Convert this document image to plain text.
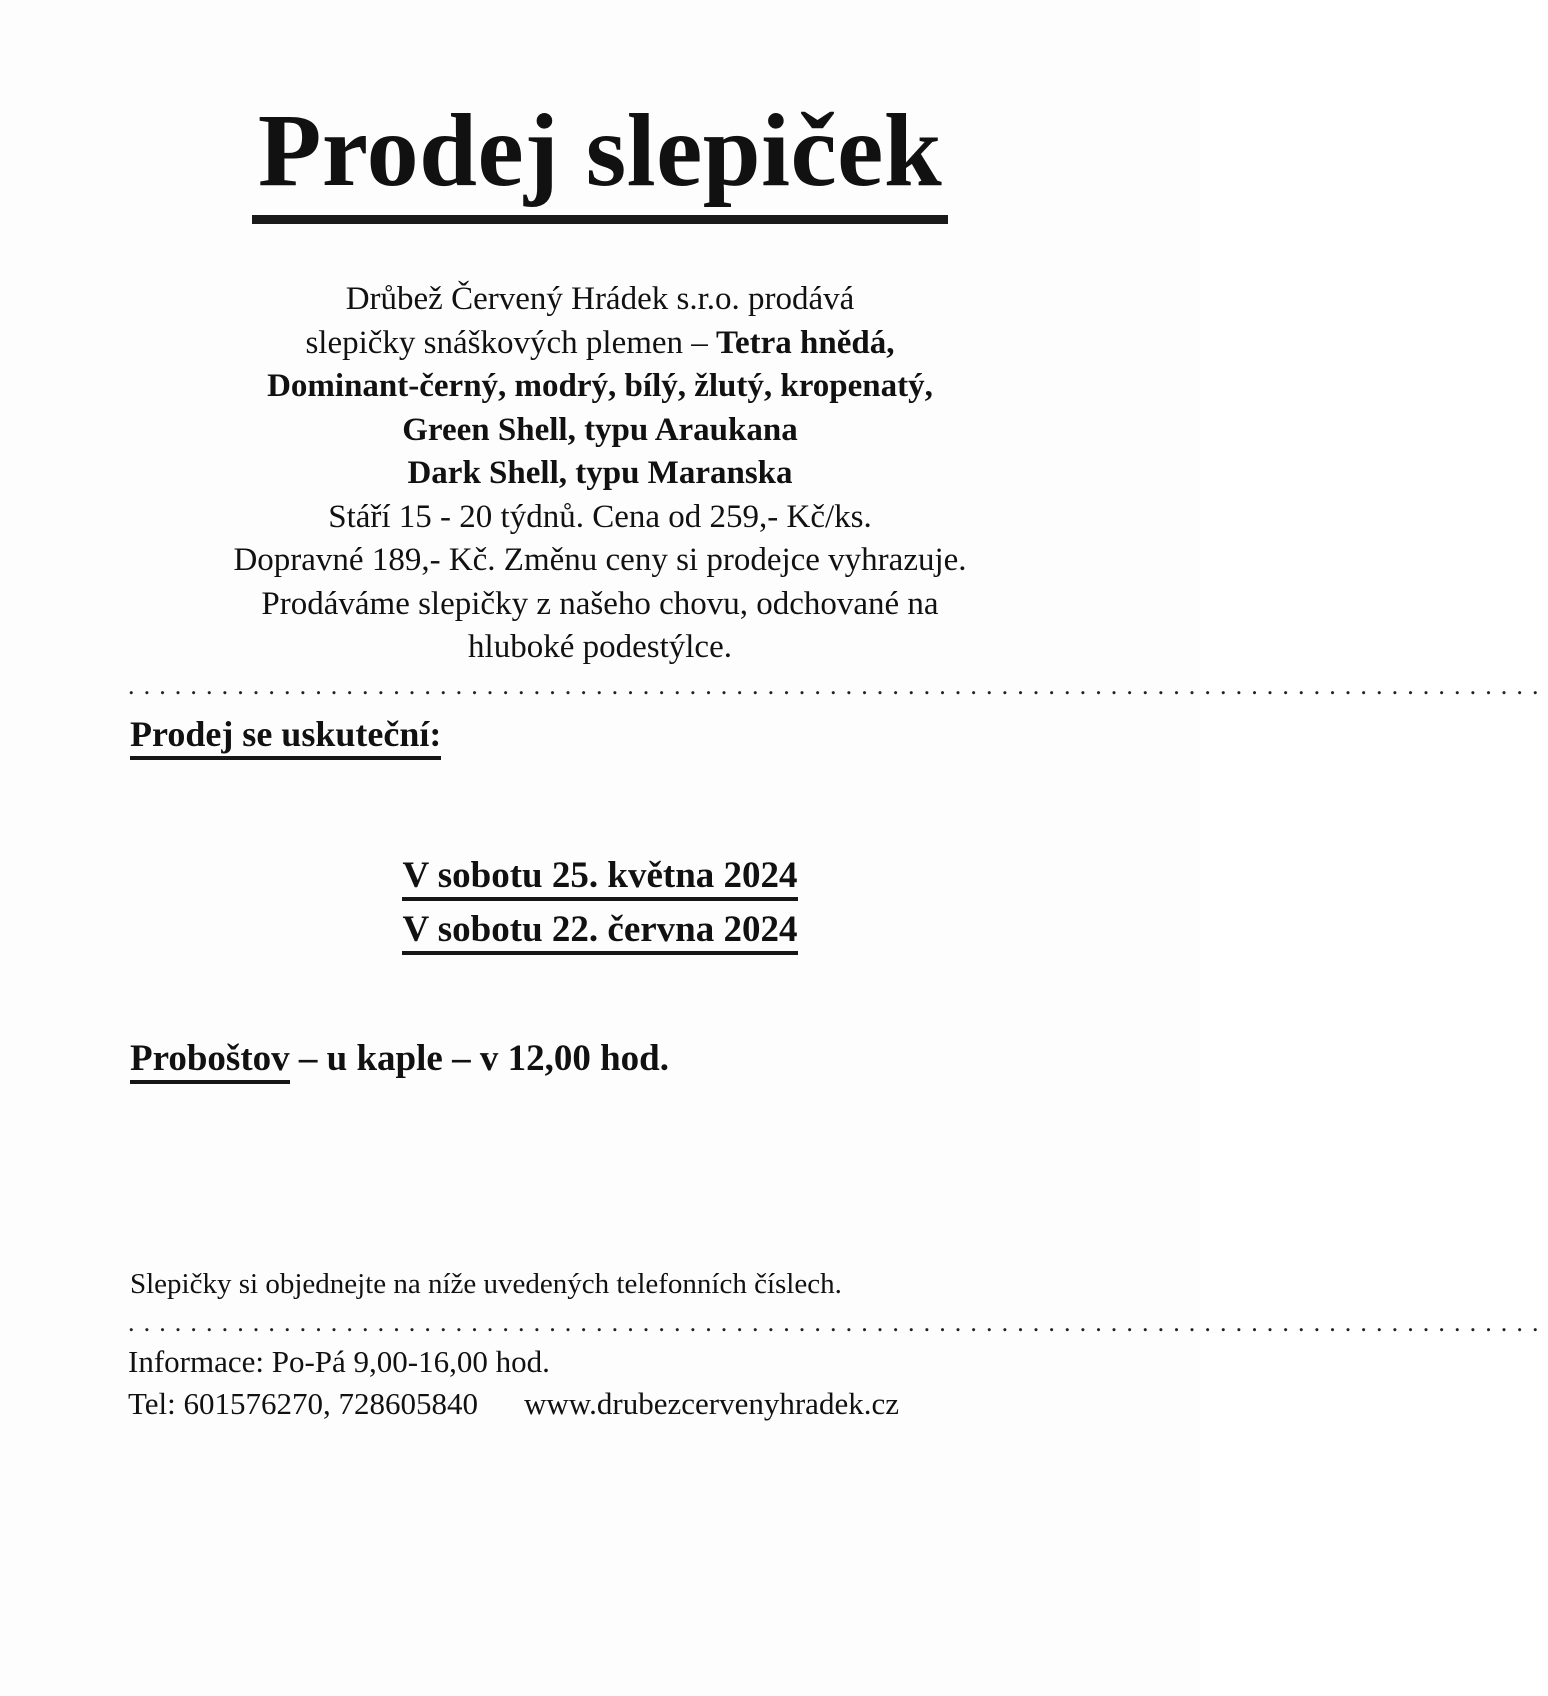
Prodej slepiček
Drůbež Červený Hrádek s.r.o. prodává
slepičky snáškových plemen – Tetra hnědá,
Dominant-černý, modrý, bílý, žlutý, kropenatý,
Green Shell, typu Araukana
Dark Shell, typu Maranska
Stáří 15 - 20 týdnů. Cena od 259,- Kč/ks.
Dopravné 189,- Kč. Změnu ceny si prodejce vyhrazuje.
Prodáváme slepičky z našeho chovu, odchované na
hluboké podestýlce.
...........................................................................................
Prodej se uskuteční:
V sobotu 25. května 2024
V sobotu 22. června 2024
Proboštov – u kaple – v 12,00 hod.
Slepičky si objednejte na níže uvedených telefonních číslech.
...........................................................................................
Informace: Po-Pá 9,00-16,00 hod.
Tel: 601576270, 728605840 www.drubezcervenyhradek.cz
